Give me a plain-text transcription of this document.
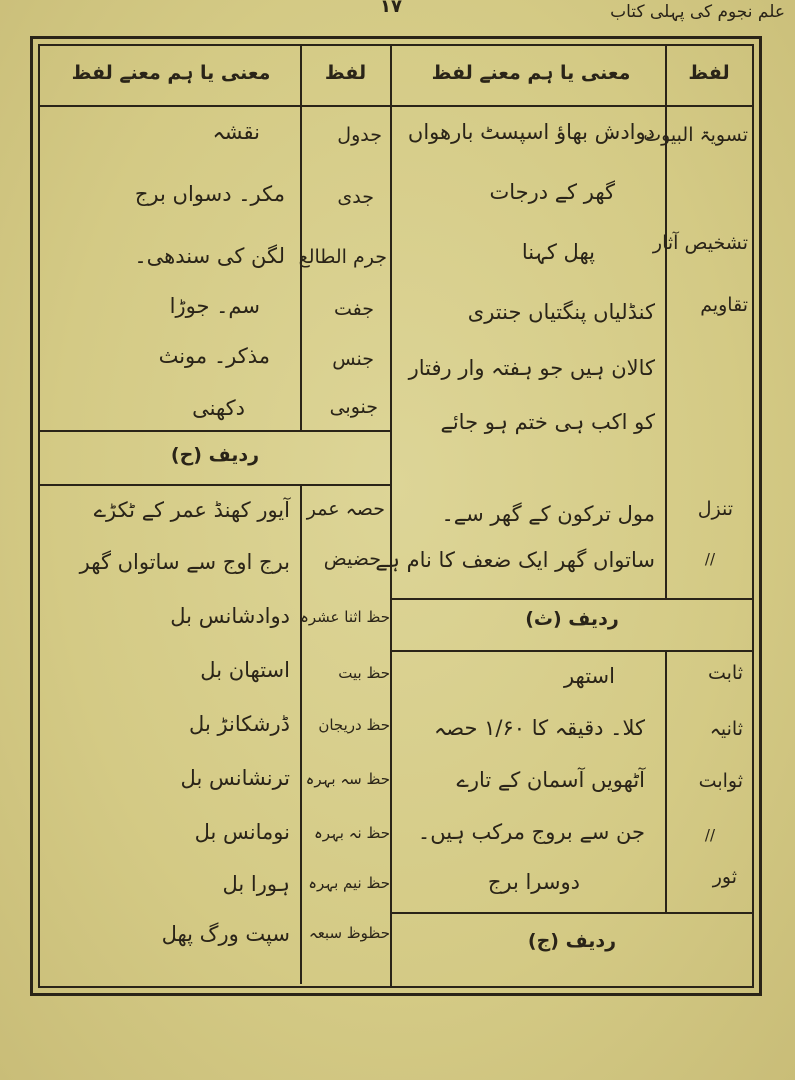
علم نجوم کی پہلی کتاب
۱۷
لفظ
معنی یا ہم معنے لفظ
لفظ
معنی یا ہم معنے لفظ
تسویۃ البیوت
تشخیص آثار
تقاویم
تنزل
//
دوادش بھاؤ اسپسٹ بارھواں
گھر کے درجات
پھل کہنا
کنڈلیاں پنگتیاں جنتری
کالان ہیں جو ہفتہ وار رفتار
کو اکب ہی ختم ہو جائے
مول ترکون کے گھر سے۔
ساتواں گھر ایک ضعف کا نام ہے
ردیف (ث)
ثابت
ثانیہ
ثوابت
//
ثور
استھر
کلا۔ دقیقہ کا ۱/۶۰ حصہ
آٹھویں آسمان کے تارے
جن سے بروج مرکب ہیں۔
دوسرا برج
ردیف (ج)
جدول
جدی
جرم الطالع
جفت
جنس
جنوبی
نقشہ
مکر۔ دسواں برج
لگن کی سندھی۔
سم۔ جوڑا
مذکر۔ مونث
دکھنی
ردیف (ح)
حصہ عمر
حضیض
حظ اثنا عشرہ
حظ بیت
حظ دریجان
حظ سہ بہرہ
حظ نہ بہرہ
حظ نیم بہرہ
حظوظ سبعہ
آیور کھنڈ عمر کے ٹکڑے
برج اوج سے ساتواں گھر
دوادشانس بل
استھان بل
ڈرشکانڑ بل
ترنشانس بل
نومانس بل
ہورا بل
سپت ورگ پھل
